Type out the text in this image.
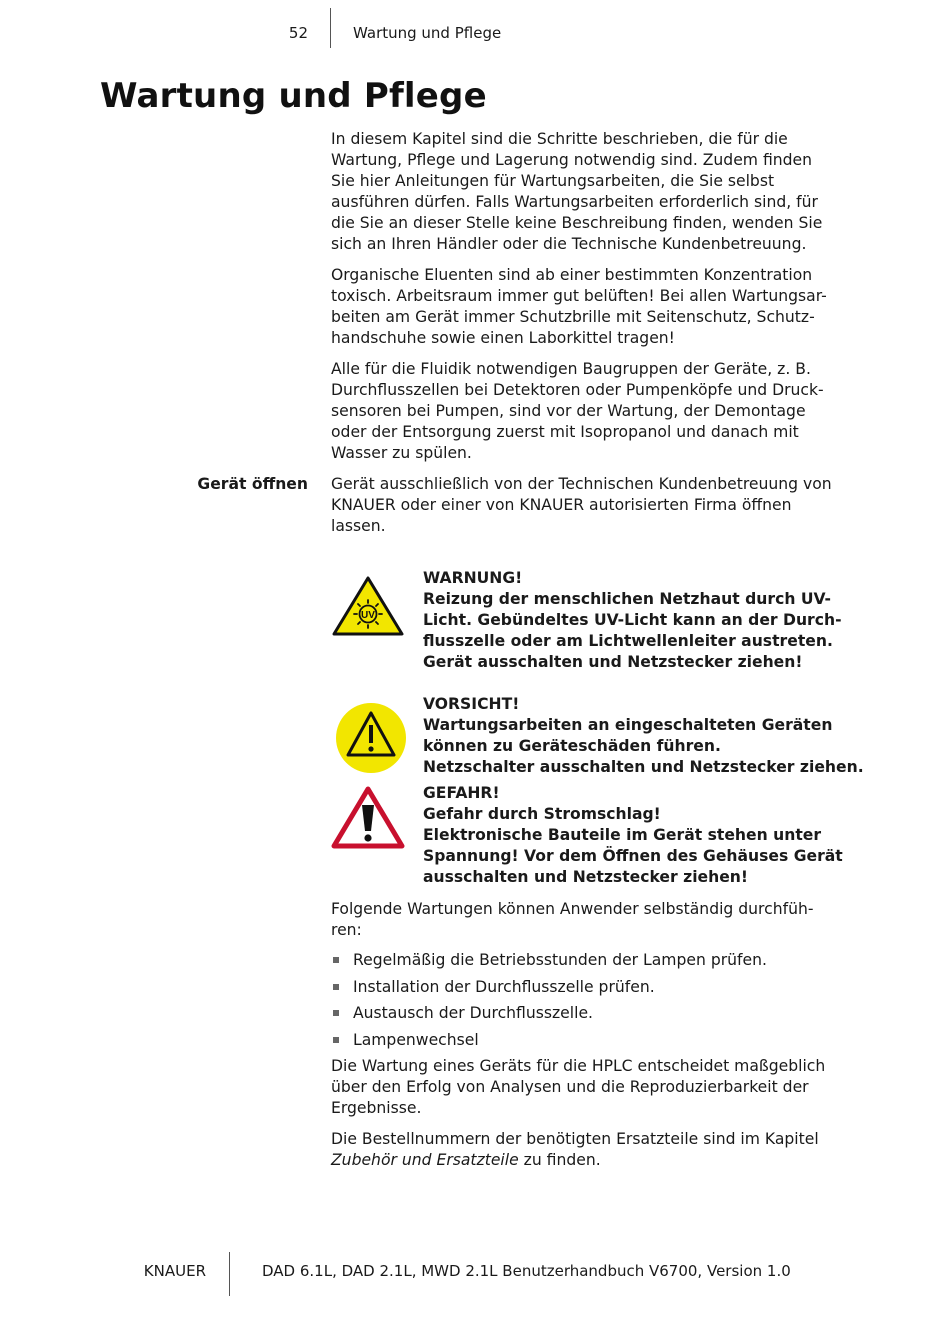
52	Wartung und Pflege
Wartung und Pflege
In diesem Kapitel sind die Schritte beschrieben, die für die
Wartung, Pflege und Lagerung notwendig sind. Zudem finden
Sie hier Anleitungen für Wartungsarbeiten, die Sie selbst
ausführen dürfen. Falls Wartungsarbeiten erforderlich sind, für
die Sie an dieser Stelle keine Beschreibung finden, wenden Sie
sich an Ihren Händler oder die Technische Kundenbetreuung.
Organische Eluenten sind ab einer bestimmten Konzentration
toxisch. Arbeitsraum immer gut belüften! Bei allen Wartungsar-
beiten am Gerät immer Schutzbrille mit Seitenschutz, Schutz-
handschuhe sowie einen Laborkittel tragen!
Alle für die Fluidik notwendigen Baugruppen der Geräte, z. B.
Durchflusszellen bei Detektoren oder Pumpenköpfe und Druck-
sensoren bei Pumpen, sind vor der Wartung, der Demontage
oder der Entsorgung zuerst mit Isopropanol und danach mit
Wasser zu spülen.
Gerät öffnen Gerät ausschließlich von der Technischen Kundenbetreuung von
KNAUER oder einer von KNAUER autorisierten Firma öffnen
lassen.
UV
WARNUNG!
Reizung der menschlichen Netzhaut durch UV-
Licht. Gebündeltes UV-Licht kann an der Durch-
flusszelle oder am Lichtwellenleiter austreten.
Gerät ausschalten und Netzstecker ziehen!
VORSICHT!
Wartungsarbeiten an eingeschalteten Geräten
können zu Geräteschäden führen.
Netzschalter ausschalten und Netzstecker ziehen.
GEFAHR!
Gefahr durch Stromschlag!
Elektronische Bauteile im Gerät stehen unter
Spannung! Vor dem Öffnen des Gehäuses Gerät
ausschalten und Netzstecker ziehen!
Folgende Wartungen können Anwender selbständig durchfüh-
ren:
Regelmäßig die Betriebsstunden der Lampen prüfen.
Installation der Durchflusszelle prüfen.
Austausch der Durchflusszelle.
Lampenwechsel
Die Wartung eines Geräts für die HPLC entscheidet maßgeblich
über den Erfolg von Analysen und die Reproduzierbarkeit der
Ergebnisse.
Die Bestellnummern der benötigten Ersatzteile sind im Kapitel
Zubehör und Ersatzteile zu finden.
KNAUER	DAD 6.1L, DAD 2.1L, MWD 2.1L Benutzerhandbuch V6700, Version 1.0
